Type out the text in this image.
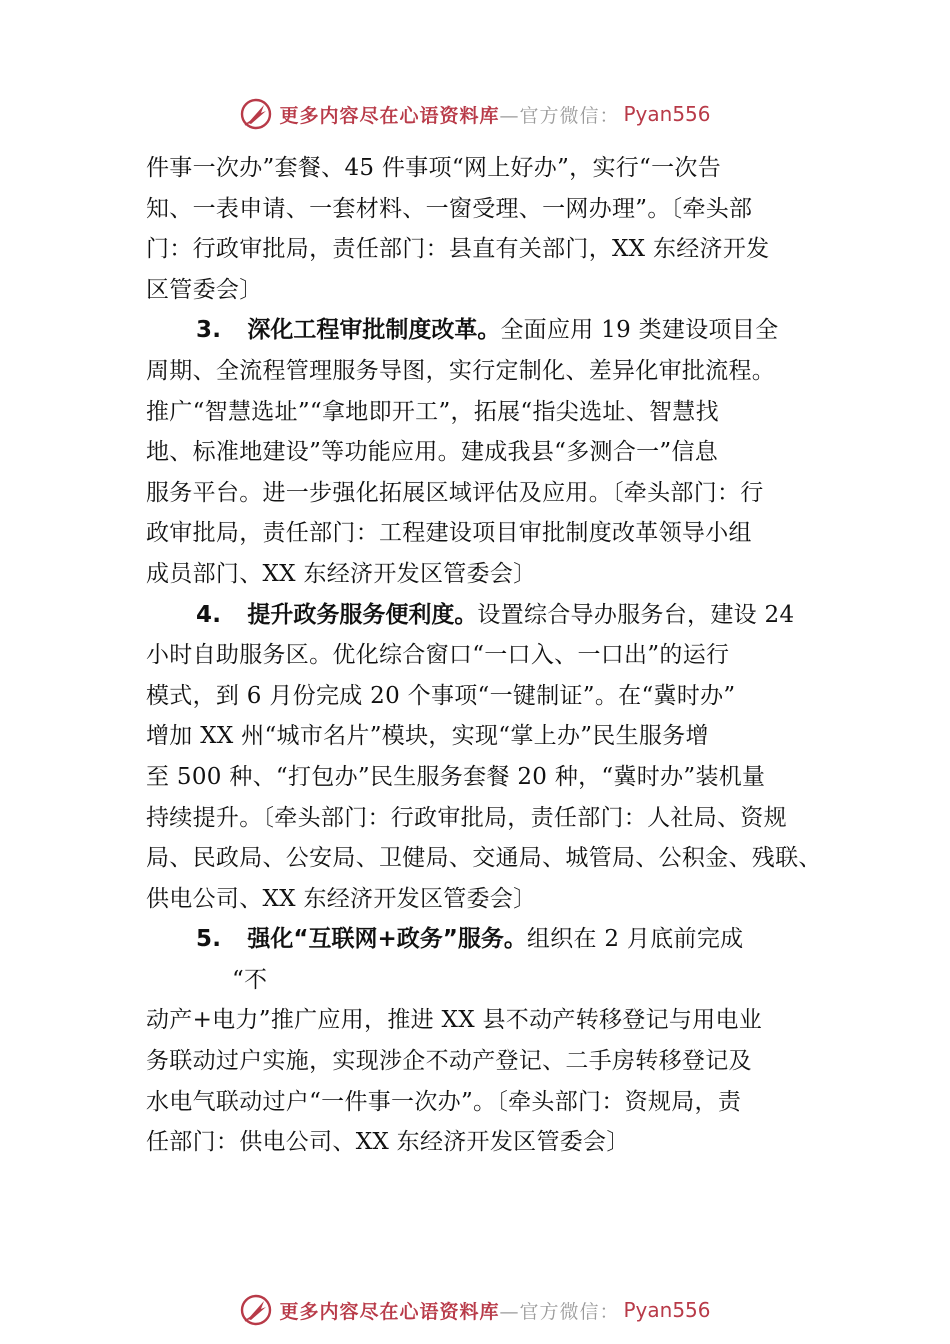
更多内容尽在心语资料库 —官方微信： Pyan556
件事一次办”套餐、45 件事项“网上好办”，实行“一次告
知、一表申请、一套材料、一窗受理、一网办理”。〔牵头部
门：行政审批局，责任部门：县直有关部门，XX 东经济开发
区管委会〕
3. 深化工程审批制度改革。全面应用 19 类建设项目全
周期、全流程管理服务导图，实行定制化、差异化审批流程。
推广“智慧选址”“拿地即开工”，拓展“指尖选址、智慧找
地、标准地建设”等功能应用。建成我县“多测合一”信息
服务平台。进一步强化拓展区域评估及应用。〔牵头部门：行
政审批局，责任部门：工程建设项目审批制度改革领导小组
成员部门、XX 东经济开发区管委会〕
4. 提升政务服务便利度。设置综合导办服务台，建设 24
小时自助服务区。优化综合窗口“一口入、一口出”的运行
模式，到 6 月份完成 20 个事项“一键制证”。在“冀时办”
增加 XX 州“城市名片”模块，实现“掌上办”民生服务增
至 500 种、“打包办”民生服务套餐 20 种，“冀时办”装机量
持续提升。〔牵头部门：行政审批局，责任部门：人社局、资规
局、民政局、公安局、卫健局、交通局、城管局、公积金、残联、
供电公司、XX 东经济开发区管委会〕
5. 强化“互联网+政务”服务。组织在 2 月底前完成
“不
动产+电力”推广应用，推进 XX 县不动产转移登记与用电业
务联动过户实施，实现涉企不动产登记、二手房转移登记及
水电气联动过户“一件事一次办”。〔牵头部门：资规局，责
任部门：供电公司、XX 东经济开发区管委会〕
更多内容尽在心语资料库 —官方微信： Pyan556
